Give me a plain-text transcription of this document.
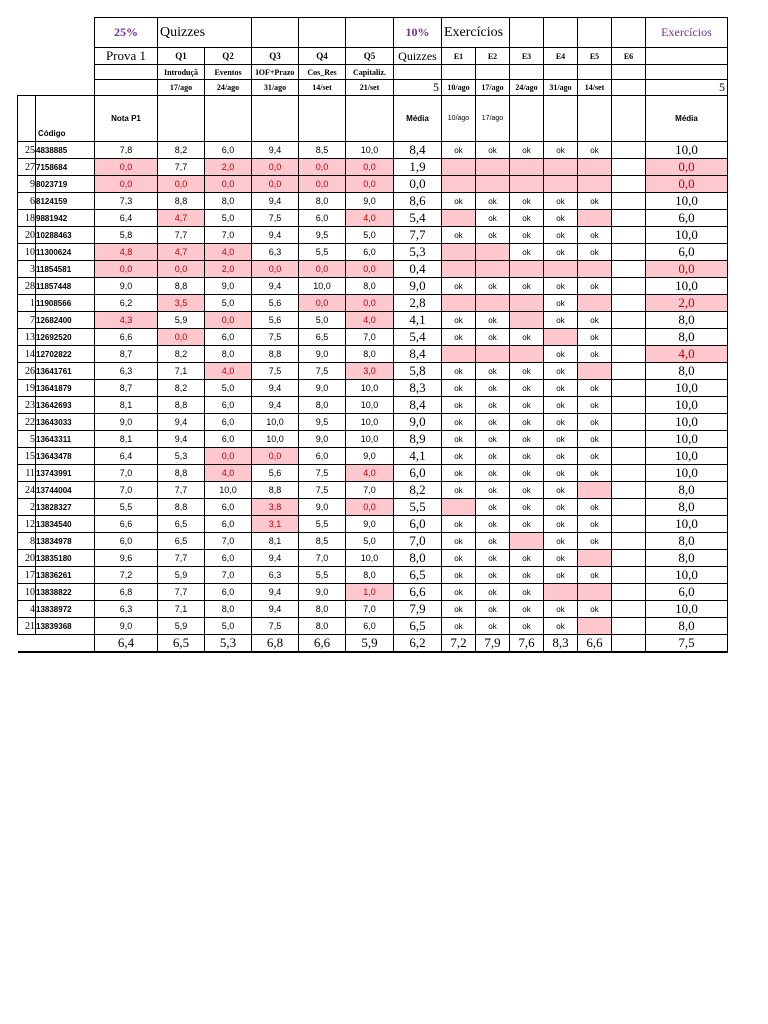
		25%	Quizzes					10%	Exercícios						Exercícios
		Prova 1	Q1	Q2	Q3	Q4	Q5	Quizzes	E1	E2	E3	E4	E5	E6	
			Introduçã	Eventos	IOF+Prazo	Cos_Res	Capitaliz.								
			17/ago	24/ago	31/ago	14/set	21/set	5	10/ago	17/ago	24/ago	31/ago	14/set		5
	Código	Nota P1						Média	10/ago	17/ago					Média
25	4838885	7,8	8,2	6,0	9,4	8,5	10,0	8,4	ok	ok	ok	ok	ok		10,0
27	7158684	0,0	7,7	2,0	0,0	0,0	0,0	1,9							0,0
9	8023719	0,0	0,0	0,0	0,0	0,0	0,0	0,0							0,0
6	8124159	7,3	8,8	8,0	9,4	8,0	9,0	8,6	ok	ok	ok	ok	ok		10,0
18	9881942	6,4	4,7	5,0	7,5	6,0	4,0	5,4		ok	ok	ok			6,0
20	10288463	5,8	7,7	7,0	9,4	9,5	5,0	7,7	ok	ok	ok	ok	ok		10,0
10	11300624	4,8	4,7	4,0	6,3	5,5	6,0	5,3			ok	ok	ok		6,0
3	11854581	0,0	0,0	2,0	0,0	0,0	0,0	0,4							0,0
28	11857448	9,0	8,8	9,0	9,4	10,0	8,0	9,0	ok	ok	ok	ok	ok		10,0
1	11908566	6,2	3,5	5,0	5,6	0,0	0,0	2,8				ok			2,0
7	12682400	4,3	5,9	0,0	5,6	5,0	4,0	4,1	ok	ok		ok	ok		8,0
13	12692520	6,6	0,0	6,0	7,5	6,5	7,0	5,4	ok	ok	ok		ok		8,0
14	12702822	8,7	8,2	8,0	8,8	9,0	8,0	8,4				ok	ok		4,0
26	13641761	6,3	7,1	4,0	7,5	7,5	3,0	5,8	ok	ok	ok	ok			8,0
19	13641879	8,7	8,2	5,0	9,4	9,0	10,0	8,3	ok	ok	ok	ok	ok		10,0
23	13642693	8,1	8,8	6,0	9,4	8,0	10,0	8,4	ok	ok	ok	ok	ok		10,0
22	13643033	9,0	9,4	6,0	10,0	9,5	10,0	9,0	ok	ok	ok	ok	ok		10,0
5	13643311	8,1	9,4	6,0	10,0	9,0	10,0	8,9	ok	ok	ok	ok	ok		10,0
15	13643478	6,4	5,3	0,0	0,0	6,0	9,0	4,1	ok	ok	ok	ok	ok		10,0
11	13743991	7,0	8,8	4,0	5,6	7,5	4,0	6,0	ok	ok	ok	ok	ok		10,0
24	13744004	7,0	7,7	10,0	8,8	7,5	7,0	8,2	ok	ok	ok	ok			8,0
2	13828327	5,5	8,8	6,0	3,8	9,0	0,0	5,5		ok	ok	ok	ok		8,0
12	13834540	6,6	6,5	6,0	3,1	5,5	9,0	6,0	ok	ok	ok	ok	ok		10,0
8	13834978	6,0	6,5	7,0	8,1	8,5	5,0	7,0	ok	ok		ok	ok		8,0
20	13835180	9,6	7,7	6,0	9,4	7,0	10,0	8,0	ok	ok	ok	ok			8,0
17	13836261	7,2	5,9	7,0	6,3	5,5	8,0	6,5	ok	ok	ok	ok	ok		10,0
10	13838822	6,8	7,7	6,0	9,4	9,0	1,0	6,6	ok	ok	ok				6,0
4	13838972	6,3	7,1	8,0	9,4	8,0	7,0	7,9	ok	ok	ok	ok	ok		10,0
21	13839368	9,0	5,9	5,0	7,5	8,0	6,0	6,5	ok	ok	ok	ok			8,0
		6,4	6,5	5,3	6,8	6,6	5,9	6,2	7,2	7,9	7,6	8,3	6,6		7,5
